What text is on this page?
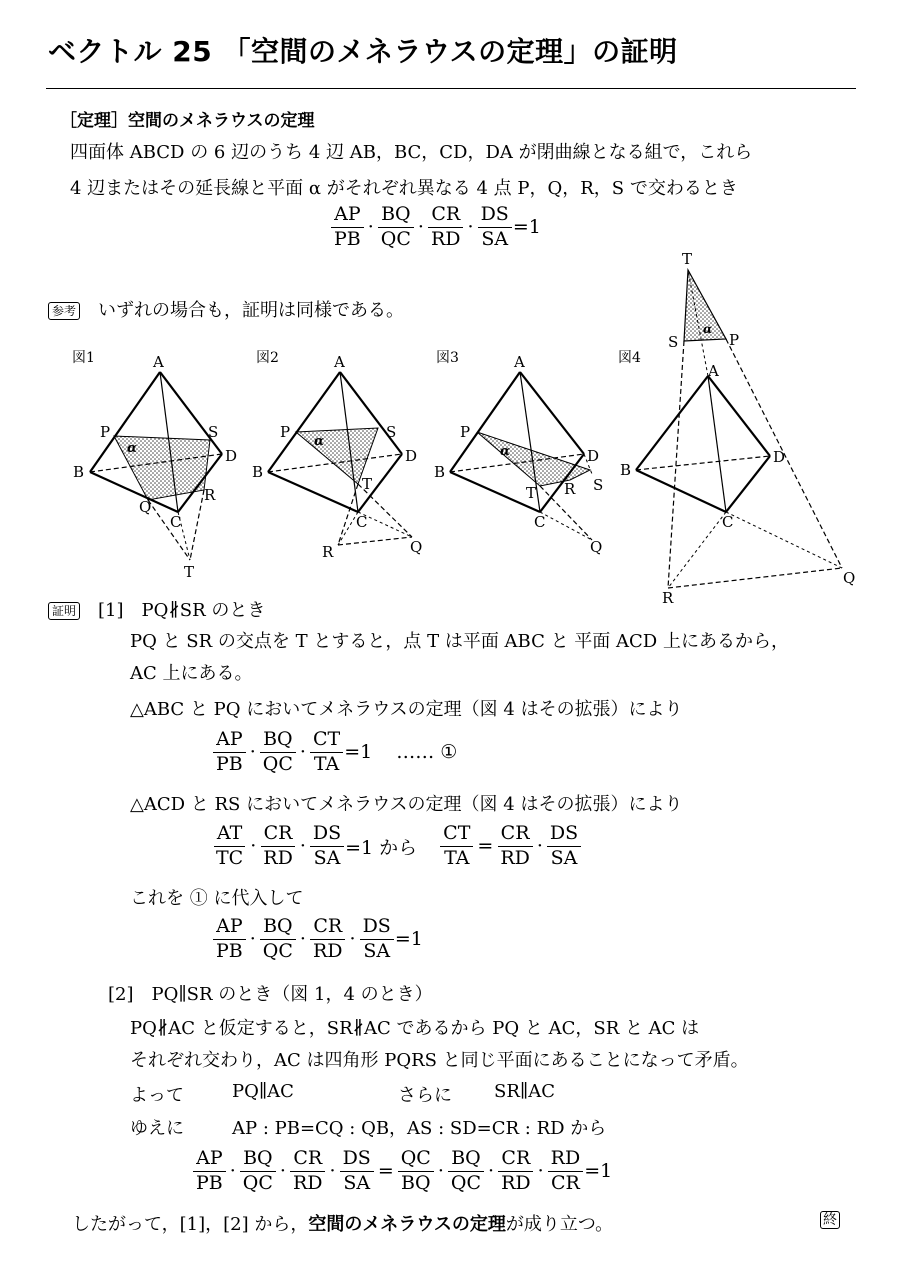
ベクトル 25 「空間のメネラウスの定理」の証明
［定理］空間のメネラウスの定理
四面体 ABCD の 6 辺のうち 4 辺 AB，BC，CD，DA が閉曲線となる組で，これら
4 辺またはその延長線と平面 α がそれぞれ異なる 4 点 P，Q，R，S で交わるとき
$\frac{AP}{PB} \cdot \frac{BQ}{QC} \cdot \frac{CR}{RD} \cdot \frac{DS}{SA} =1$
参考 いずれの場合も，証明は同様である。
図1	A
B
C
D
P
Q
R
S
T
α
図2	A
B
C
D
P
Q
R
S
T
α
図3	A
B
C
D
P
Q
R S
T
α
図4
T
S	P
A
B
C
D
Q
R
α
証明 [1]　PQ∦SR のとき
PQ と SR の交点を T とすると，点 T は平面 ABC と 平面 ACD 上にあるから，
AC 上にある。
△ABC と PQ においてメネラウスの定理（図 4 はその拡張）により
$\frac{AP}{PB} \cdot \frac{BQ}{QC} \cdot \frac{CT}{TA} =1$ …… ①
△ACD と RS においてメネラウスの定理（図 4 はその拡張）により
$\frac{AT}{TC} \cdot \frac{CR}{RD} \cdot \frac{DS}{SA} =1$ から $\frac{CT}{TA} = \frac{CR}{RD} \cdot \frac{DS}{SA}$
これを ① に代入して
$\frac{AP}{PB} \cdot \frac{BQ}{QC} \cdot \frac{CR}{RD} \cdot \frac{DS}{SA} =1$
[2]　PQ∥SR のとき（図 1，4 のとき）
PQ∦AC と仮定すると，SR∦AC であるから PQ と AC，SR と AC は
それぞれ交わり，AC は四角形 PQRS と同じ平面にあることになって矛盾。
よって	PQ∥AC	さらに SR∥AC
ゆえに	AP : PB=CQ : QB，AS : SD=CR : RD から
$\frac{AP}{PB} \cdot \frac{BQ}{QC} \cdot \frac{CR}{RD} \cdot \frac{DS}{SA} = \frac{QC}{BQ} \cdot \frac{BQ}{QC} \cdot \frac{CR}{RD} \cdot \frac{RD}{CR} =1$
したがって，[1]，[2] から，空間のメネラウスの定理が成り立つ。	終
